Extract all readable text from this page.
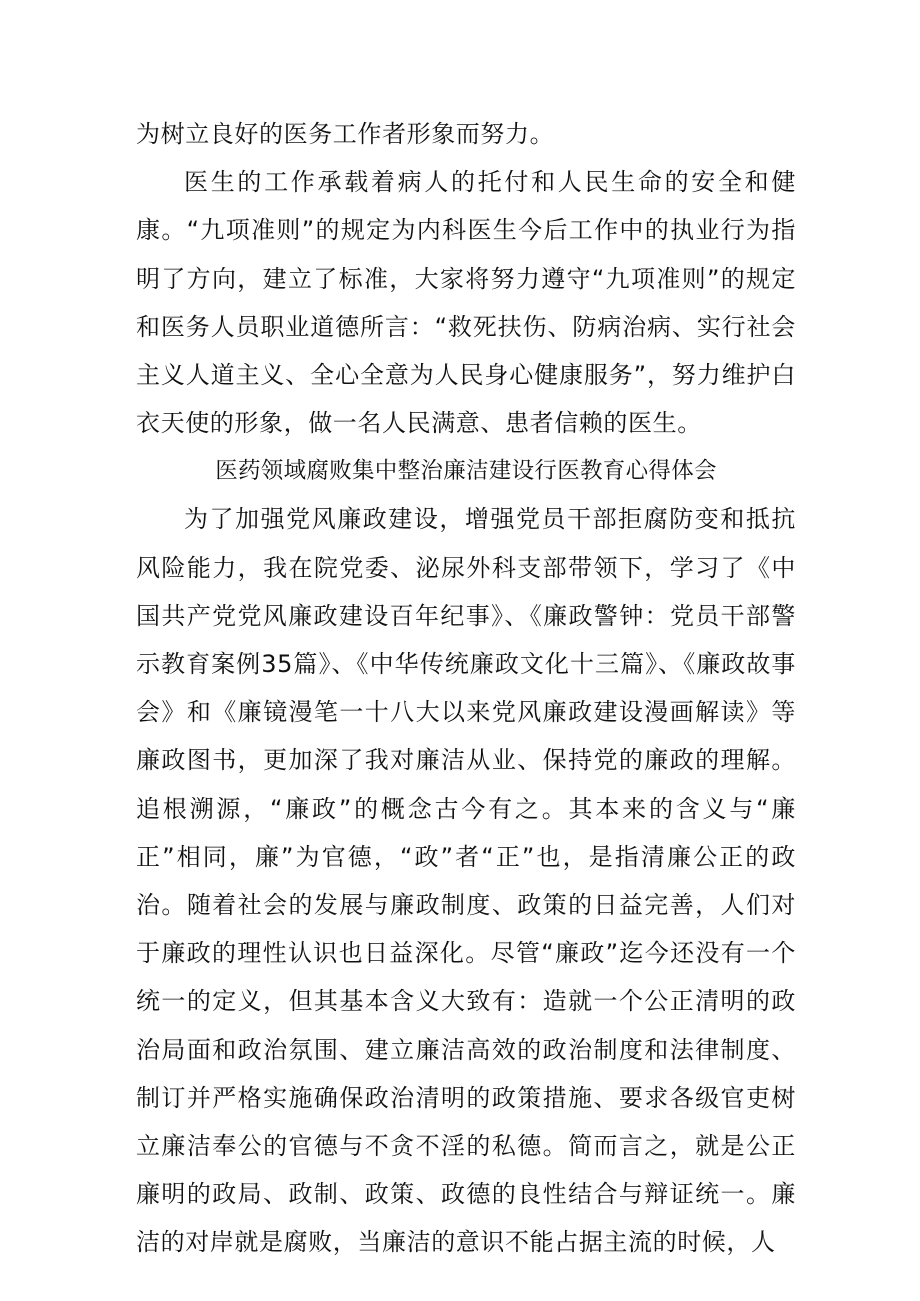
为树立良好的医务工作者形象而努力。

医生的工作承载着病人的托付和人民生命的安全和健康。“九项准则”的规定为内科医生今后工作中的执业行为指明了方向，建立了标准，大家将努力遵守“九项准则”的规定和医务人员职业道德所言：“救死扶伤、防病治病、实行社会主义人道主义、全心全意为人民身心健康服务”，努力维护白衣天使的形象，做一名人民满意、患者信赖的医生。

医药领域腐败集中整治廉洁建设行医教育心得体会

为了加强党风廉政建设，增强党员干部拒腐防变和抵抗风险能力，我在院党委、泌尿外科支部带领下，学习了《中国共产党党风廉政建设百年纪事》、《廉政警钟：党员干部警示教育案例35篇》、《中华传统廉政文化十三篇》、《廉政故事会》和《廉镜漫笔一十八大以来党风廉政建设漫画解读》等廉政图书，更加深了我对廉洁从业、保持党的廉政的理解。追根溯源，“廉政”的概念古今有之。其本来的含义与“廉正”相同，廉”为官德，“政”者“正”也，是指清廉公正的政治。随着社会的发展与廉政制度、政策的日益完善，人们对于廉政的理性认识也日益深化。尽管“廉政”迄今还没有一个统一的定义，但其基本含义大致有：造就一个公正清明的政治局面和政治氛围、建立廉洁高效的政治制度和法律制度、制订并严格实施确保政治清明的政策措施、要求各级官吏树立廉洁奉公的官德与不贪不淫的私德。简而言之，就是公正廉明的政局、政制、政策、政德的良性结合与辩证统一。廉洁的对岸就是腐败，当廉洁的意识不能占据主流的时候，人
